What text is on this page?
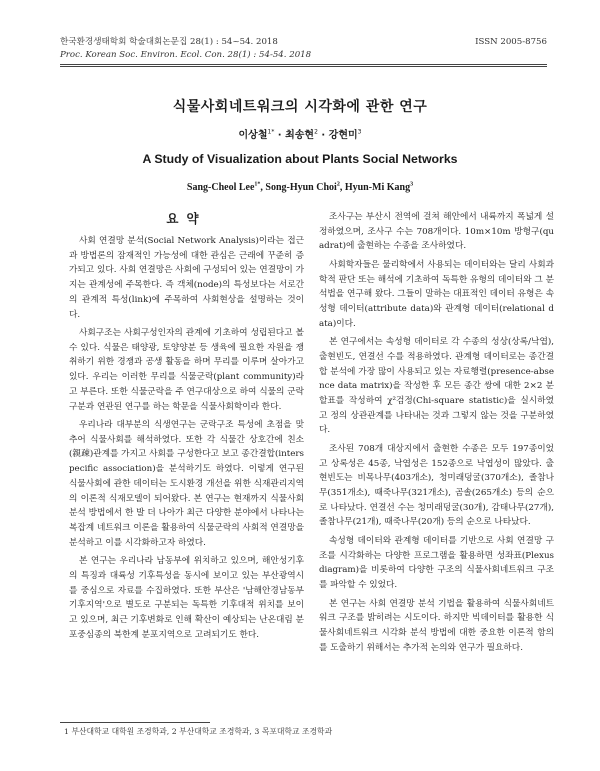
한국환경생태학회 학술대회논문집 28(1) : 54~54. 2018	ISSN 2005-8756
Proc. Korean Soc. Environ. Ecol. Con. 28(1) : 54-54. 2018
식물사회네트워크의 시각화에 관한 연구
이상철$^{1*}$ · 최송현$^2$ · 강현미$^3$
A Study of Visualization about Plants Social Networks
Sang-Cheol Lee$^{1*}$, Song-Hyun Choi$^2$, Hyun-Mi Kang$^3$
요약

사회 연결망 분석(Social Network Analysis)이라는 접근과 방법론의 잠재적인 가능성에 대한 관심은 근래에 꾸준히 증가되고 있다. 사회 연결망은 사회에 구성되어 있는 연결망이 가지는 관계성에 주목한다. 즉 객체(node)의 특성보다는 서로간의 관계적 특성(link)에 주목하여 사회현상을 설명하는 것이다.

사회구조는 사회구성인자의 관계에 기초하여 성립된다고 볼 수 있다. 식물은 태양광, 토양양분 등 생육에 필요한 자원을 쟁취하기 위한 경쟁과 공생 활동을 하며 무리를 이루며 살아가고 있다. 우리는 이러한 무리를 식물군락(plant community)라고 부른다. 또한 식물군락을 주 연구대상으로 하여 식물의 군락구분과 연관된 연구를 하는 학문을 식물사회학이라 한다.

우리나라 대부분의 식생연구는 군락구조 특성에 초점을 맞추어 식물사회를 해석하였다. 또한 각 식물간 상호간에 친소(親疎)관계를 가지고 사회를 구성한다고 보고 종간결합(interspecific association)을 분석하기도 하였다. 이렇게 연구된 식물사회에 관한 데이터는 도시환경 개선을 위한 식재관리지역의 이론적 식재모델이 되어왔다. 본 연구는 현재까지 식물사회 분석 방법에서 한 발 더 나아가 최근 다양한 분야에서 나타나는 복잡계 네트워크 이론을 활용하여 식물군락의 사회적 연결망을 분석하고 이를 시각화하고자 하였다.

본 연구는 우리나라 남동부에 위치하고 있으며, 해안성기후의 특징과 대륙성 기후특성을 동시에 보이고 있는 부산광역시를 중심으로 자료를 수집하였다. 또한 부산은 '남해안경남동부 기후지역'으로 별도로 구분되는 독특한 기후대적 위치를 보이고 있으며, 최근 기후변화로 인해 확산이 예상되는 난온대림 분포중심종의 북한계 분포지역으로 고려되기도 한다.

조사구는 부산시 전역에 걸쳐 해안에서 내륙까지 폭넓게 설정하였으며, 조사구 수는 708개이다. 10m×10m 방형구(quadrat)에 출현하는 수종을 조사하였다.

사회학자들은 물리학에서 사용되는 데이터와는 달리 사회과학적 판단 또는 해석에 기초하여 독특한 유형의 데이터와 그 분석법을 연구해 왔다. 그들이 말하는 대표적인 데이터 유형은 속성형 데이터(attribute data)와 관계형 데이터(relational data)이다.

본 연구에서는 속성형 데이터로 각 수종의 성상(상록/낙엽), 출현빈도, 연결선 수를 적용하였다. 관계형 데이터로는 종간결합 분석에 가장 많이 사용되고 있는 자료행렬(presence-absence data matrix)을 작성한 후 모든 종간 쌍에 대한 2×2 분할표를 작성하여 χ²검정(Chi-square statistic)을 실시하였고 정의 상관관계를 나타내는 것과 그렇지 않는 것을 구분하였다.

조사된 708개 대상지에서 출현한 수종은 모두 197종이었고 상록성은 45종, 낙엽성은 152종으로 낙엽성이 많았다. 출현빈도는 비목나무(403개소), 청미래덩굴(370개소), 졸참나무(351개소), 때죽나무(321개소), 곰솔(265개소) 등의 순으로 나타났다. 연결선 수는 청미래덩굴(30개), 감태나무(27개), 졸참나무(21개), 때죽나무(20개) 등의 순으로 나타났다.

속성형 데이터와 관계형 데이터를 기반으로 사회 연결망 구조를 시각화하는 다양한 프로그램을 활용하면 성좌표(Plexus diagram)을 비롯하여 다양한 구조의 식물사회네트워크 구조를 파악할 수 있었다.

본 연구는 사회 연결망 분석 기법을 활용하여 식물사회네트워크 구조를 밝히려는 시도이다. 하지만 빅데이터를 활용한 식물사회네트워크 시각화 분석 방법에 대한 중요한 이론적 함의를 도출하기 위해서는 추가적 논의와 연구가 필요하다.

1 부산대학교 대학원 조경학과, 2 부산대학교 조경학과, 3 목포대학교 조경학과
